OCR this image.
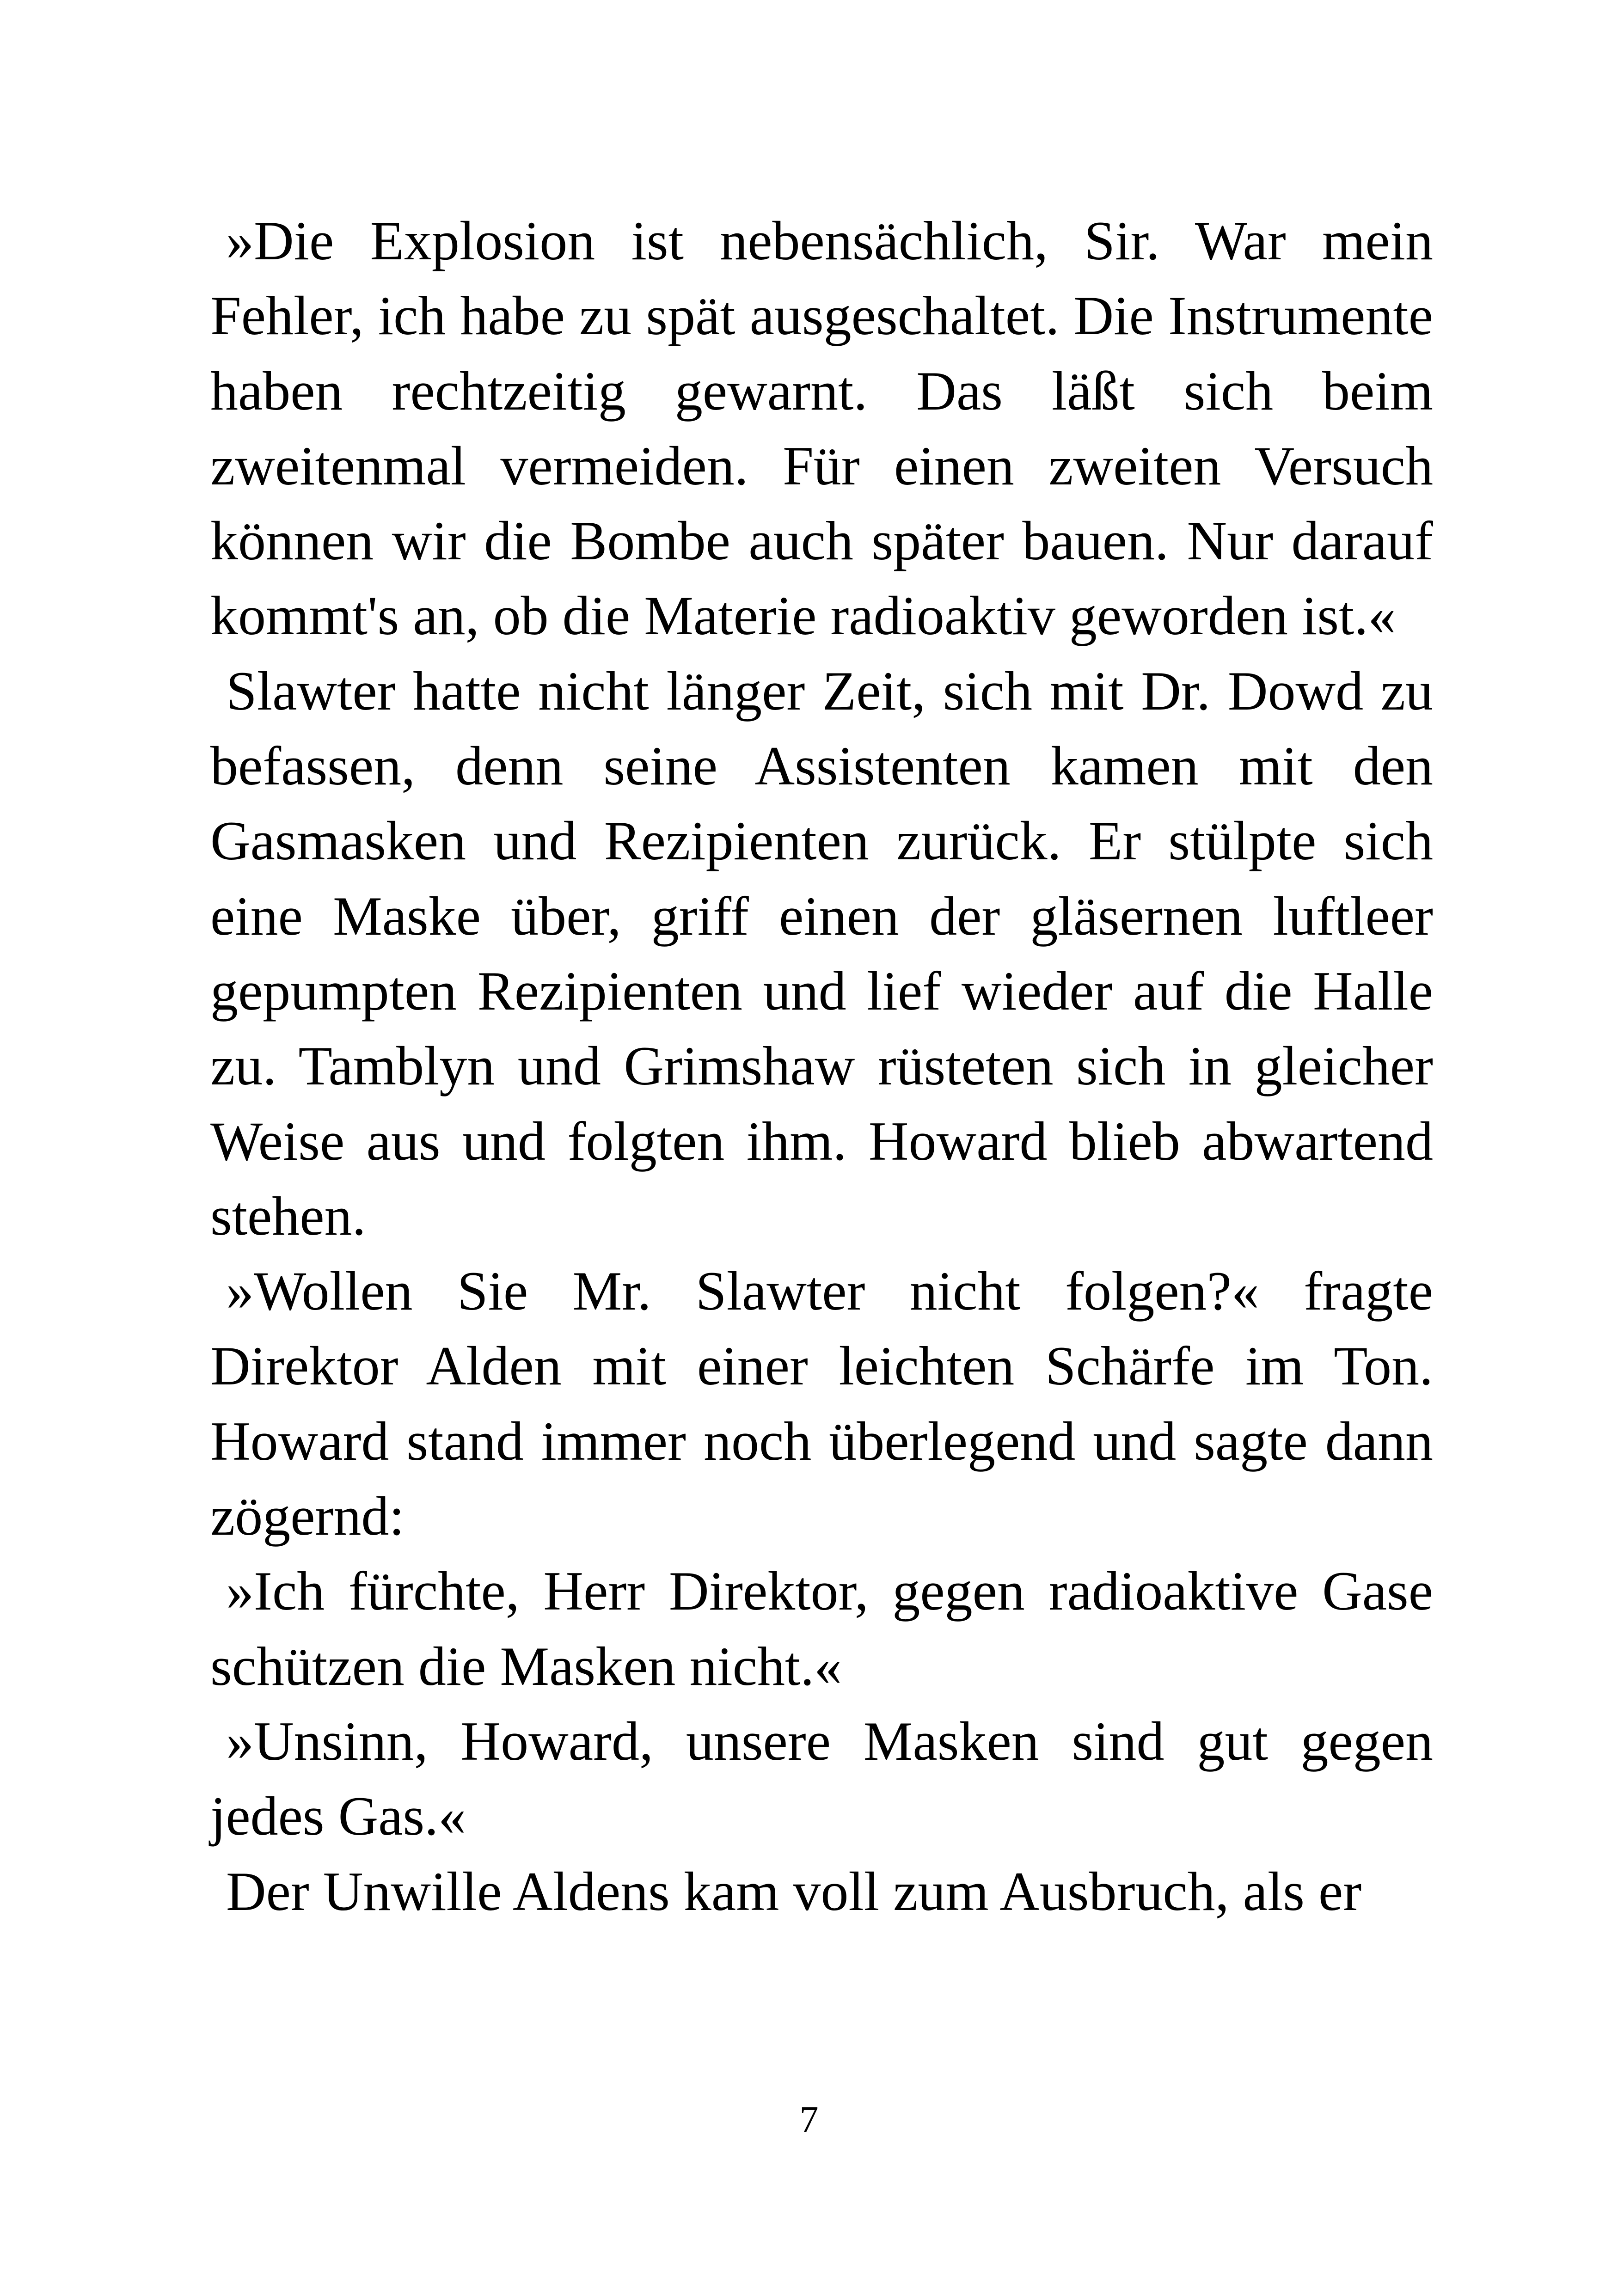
»Die Explosion ist nebensächlich, Sir. War mein Fehler, ich habe zu spät ausgeschaltet. Die Instrumente haben rechtzeitig gewarnt. Das läßt sich beim zweitenmal vermeiden. Für einen zweiten Versuch können wir die Bombe auch später bauen. Nur darauf kommt's an, ob die Materie radioaktiv geworden ist.«

Slawter hatte nicht länger Zeit, sich mit Dr. Dowd zu befassen, denn seine Assistenten kamen mit den Gasmasken und Rezipienten zurück. Er stülpte sich eine Maske über, griff einen der gläsernen luftleer gepumpten Rezipienten und lief wieder auf die Halle zu. Tamblyn und Grimshaw rüsteten sich in gleicher Weise aus und folgten ihm. Howard blieb abwartend stehen.

»Wollen Sie Mr. Slawter nicht folgen?« fragte Direktor Alden mit einer leichten Schärfe im Ton. Howard stand immer noch überlegend und sagte dann zögernd:

»Ich fürchte, Herr Direktor, gegen radioaktive Gase schützen die Masken nicht.«

»Unsinn, Howard, unsere Masken sind gut gegen jedes Gas.«

Der Unwille Aldens kam voll zum Ausbruch, als er

7
